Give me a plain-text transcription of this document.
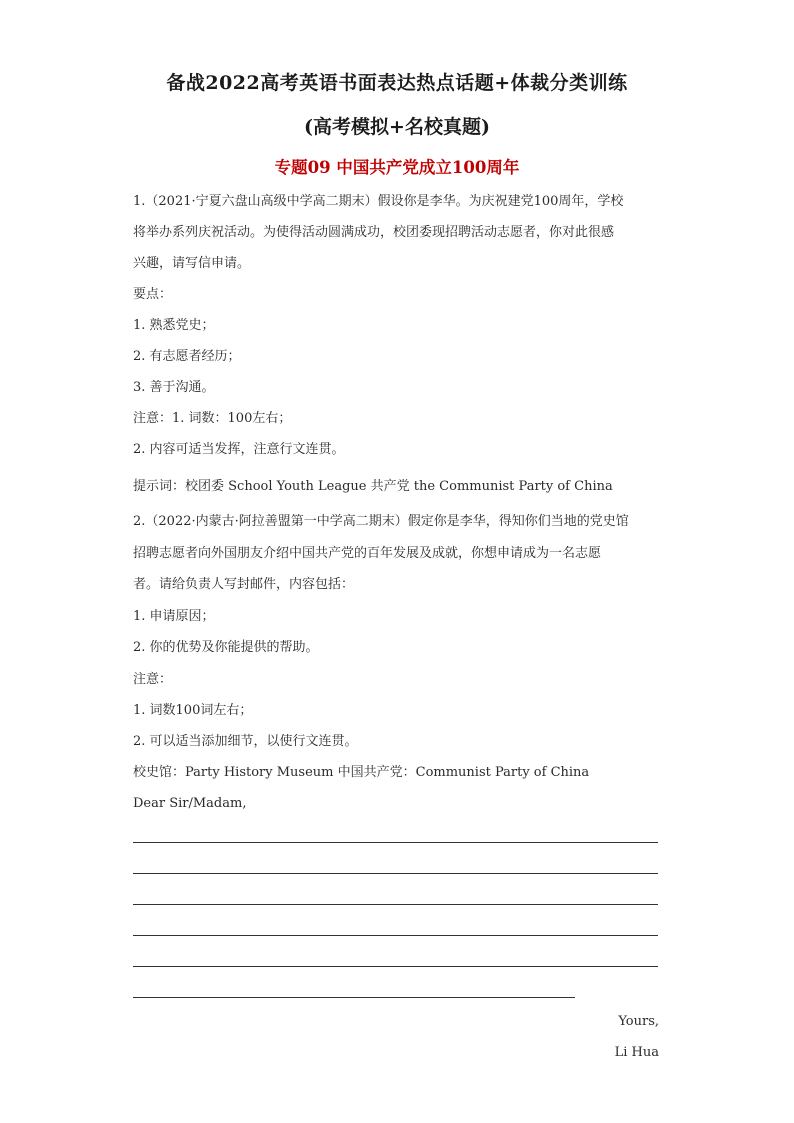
备战2022高考英语书面表达热点话题+体裁分类训练
(高考模拟+名校真题)
专题09 中国共产党成立100周年
1.（2021·宁夏六盘山高级中学高二期末）假设你是李华。为庆祝建党100周年，学校
将举办系列庆祝活动。为使得活动圆满成功，校团委现招聘活动志愿者，你对此很感
兴趣，请写信申请。
要点：
1. 熟悉党史；
2. 有志愿者经历；
3. 善于沟通。
注意：1. 词数：100左右；
2. 内容可适当发挥，注意行文连贯。
提示词：校团委 School Youth League 共产党 the Communist Party of China
2.（2022·内蒙古·阿拉善盟第一中学高二期末）假定你是李华，得知你们当地的党史馆
招聘志愿者向外国朋友介绍中国共产党的百年发展及成就，你想申请成为一名志愿
者。请给负责人写封邮件，内容包括：
1. 申请原因；
2. 你的优势及你能提供的帮助。
注意：
1. 词数100词左右；
2. 可以适当添加细节，以使行文连贯。
校史馆：Party History Museum 中国共产党：Communist Party of China
Dear Sir/Madam,
Yours,
Li Hua
